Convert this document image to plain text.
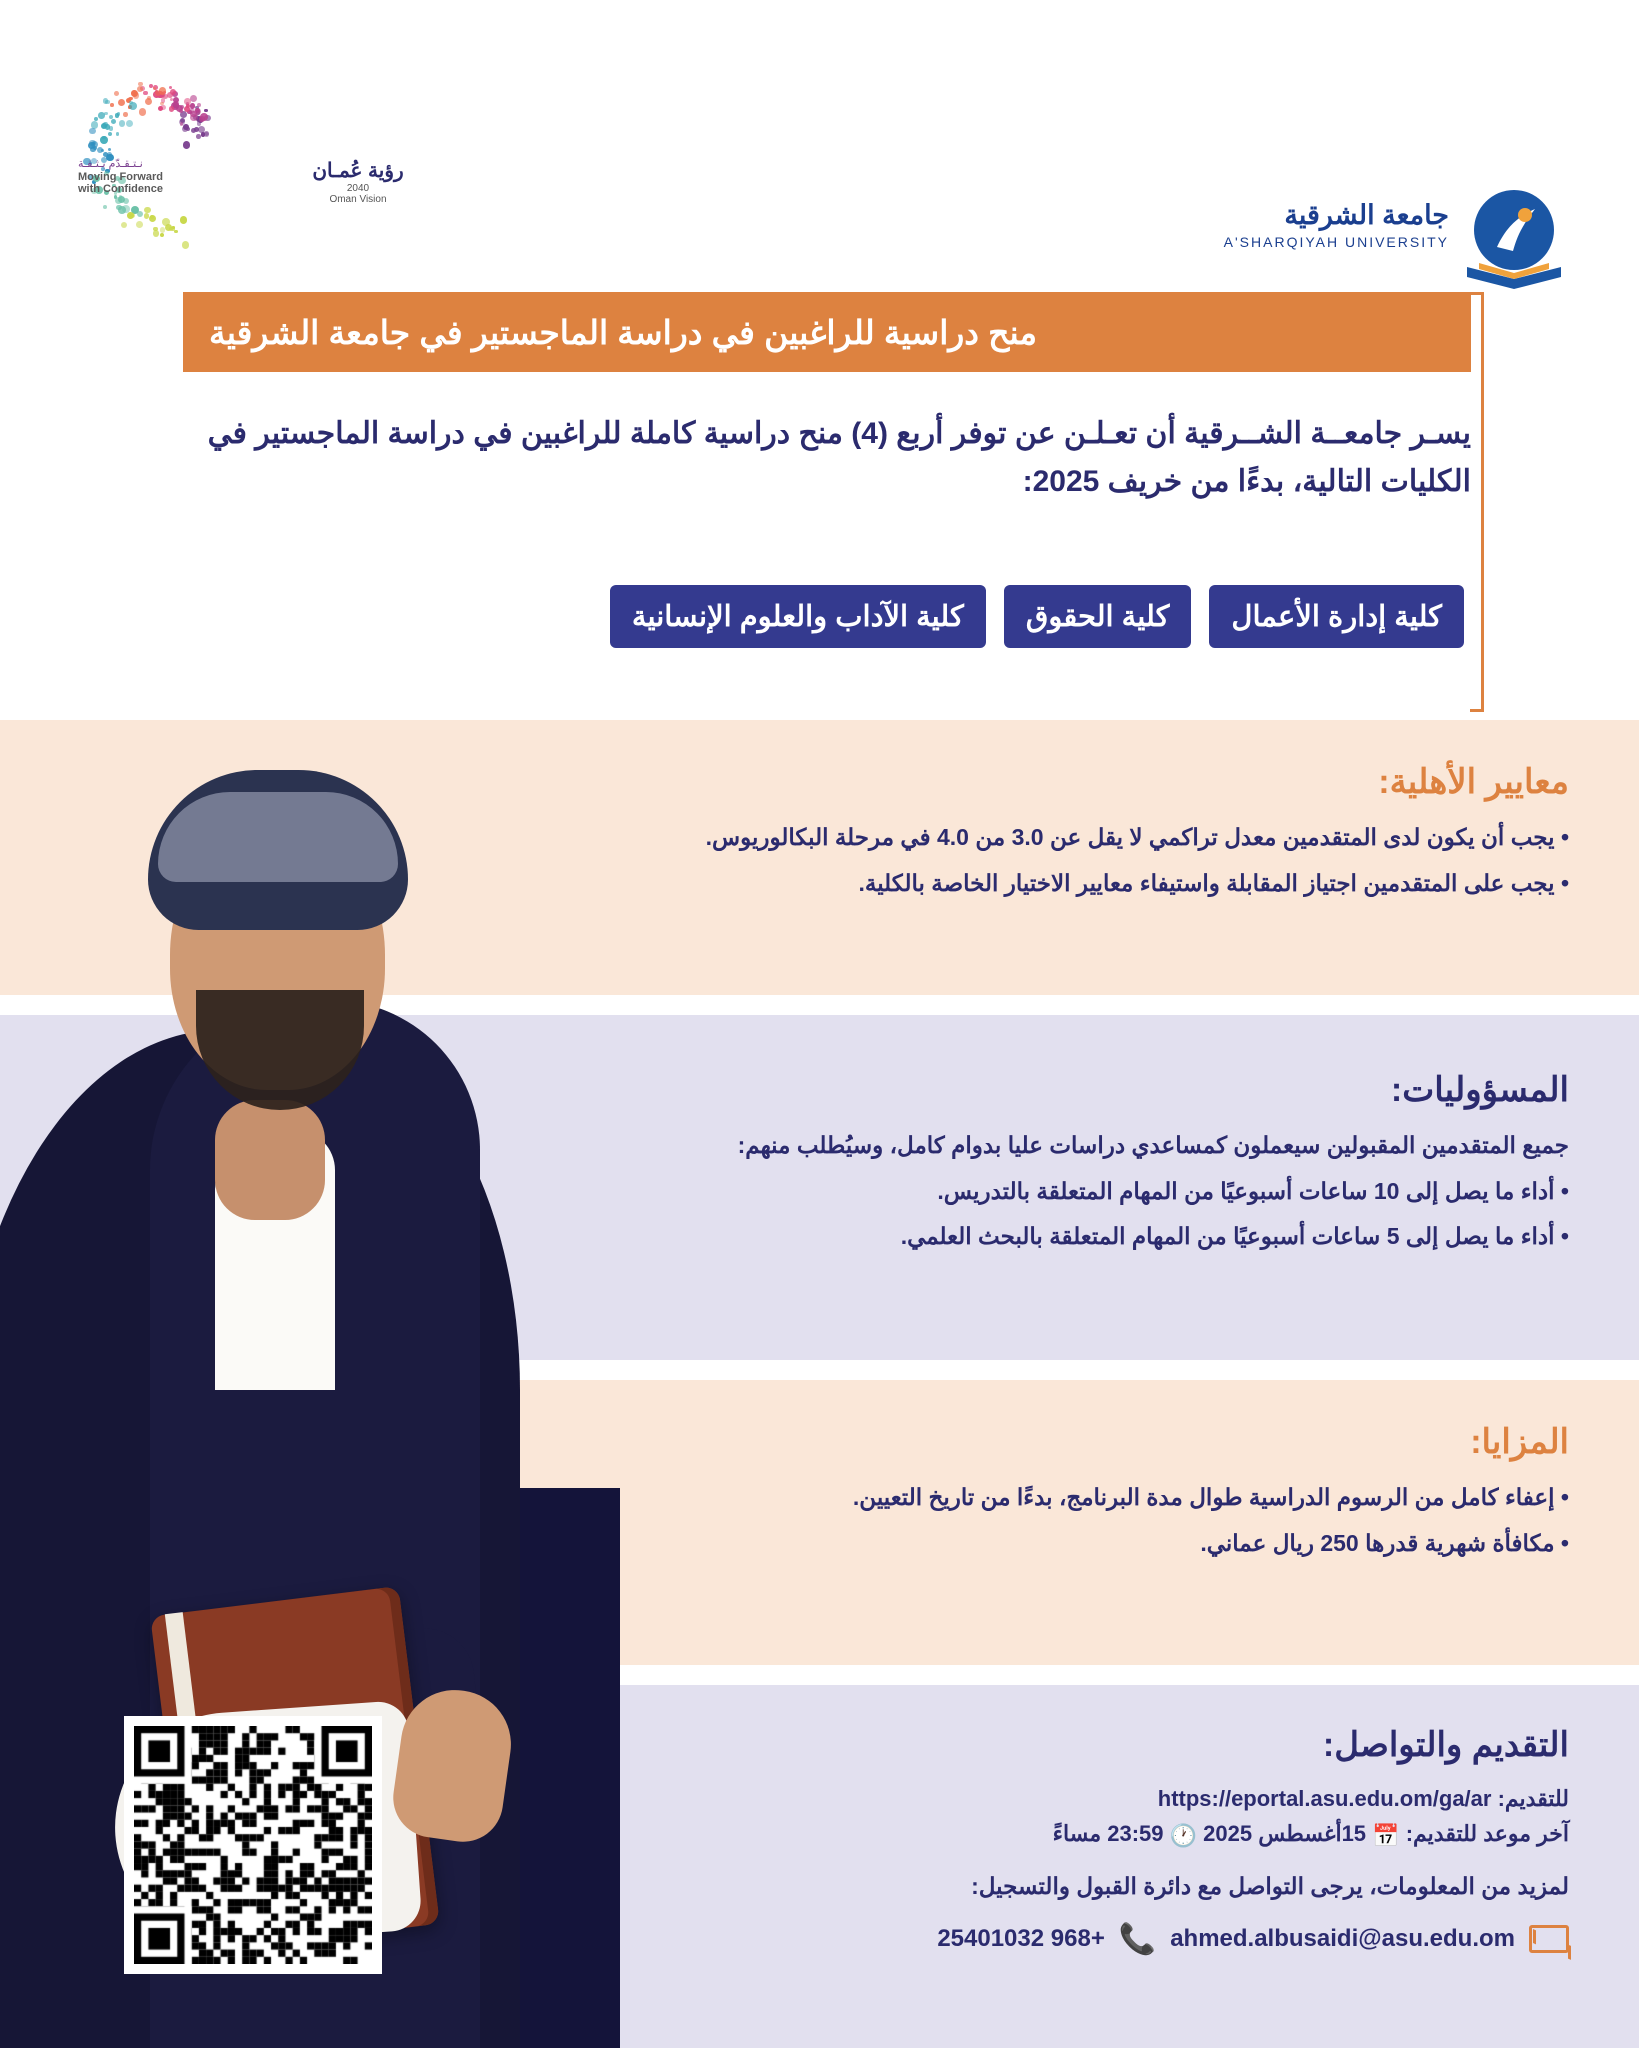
نـتـقـدّم بـثـقـة
Moving Forward
with Confidence
رؤية عُمـان
2040
Oman Vision
جامعة الشرقية
A'SHARQIYAH UNIVERSITY
منح دراسية للراغبين في دراسة الماجستير في جامعة الشرقية
يسـر جامعــة الشــرقية أن تعـلـن عن توفر أربع (4) منح دراسية كاملة للراغبين في دراسة الماجستير في الكليات التالية، بدءًا من خريف 2025:
كلية إدارة الأعمال
كلية الحقوق
كلية الآداب والعلوم الإنسانية
معايير الأهلية:

• يجب أن يكون لدى المتقدمين معدل تراكمي لا يقل عن 3.0 من 4.0 في مرحلة البكالوريوس.

• يجب على المتقدمين اجتياز المقابلة واستيفاء معايير الاختيار الخاصة بالكلية.

المسؤوليات:

جميع المتقدمين المقبولين سيعملون كمساعدي دراسات عليا بدوام كامل، وسيُطلب منهم:

• أداء ما يصل إلى 10 ساعات أسبوعيًا من المهام المتعلقة بالتدريس.

• أداء ما يصل إلى 5 ساعات أسبوعيًا من المهام المتعلقة بالبحث العلمي.

المزايا:

• إعفاء كامل من الرسوم الدراسية طوال مدة البرنامج، بدءًا من تاريخ التعيين.

• مكافأة شهرية قدرها 250 ريال عماني.

التقديم والتواصل:
للتقديم: https://eportal.asu.edu.om/ga/ar
آخر موعد للتقديم: 📅 15أغسطس 2025 🕐 23:59 مساءً
لمزيد من المعلومات، يرجى التواصل مع دائرة القبول والتسجيل:
ahmed.albusaidi@asu.edu.om
📞
+968 25401032
